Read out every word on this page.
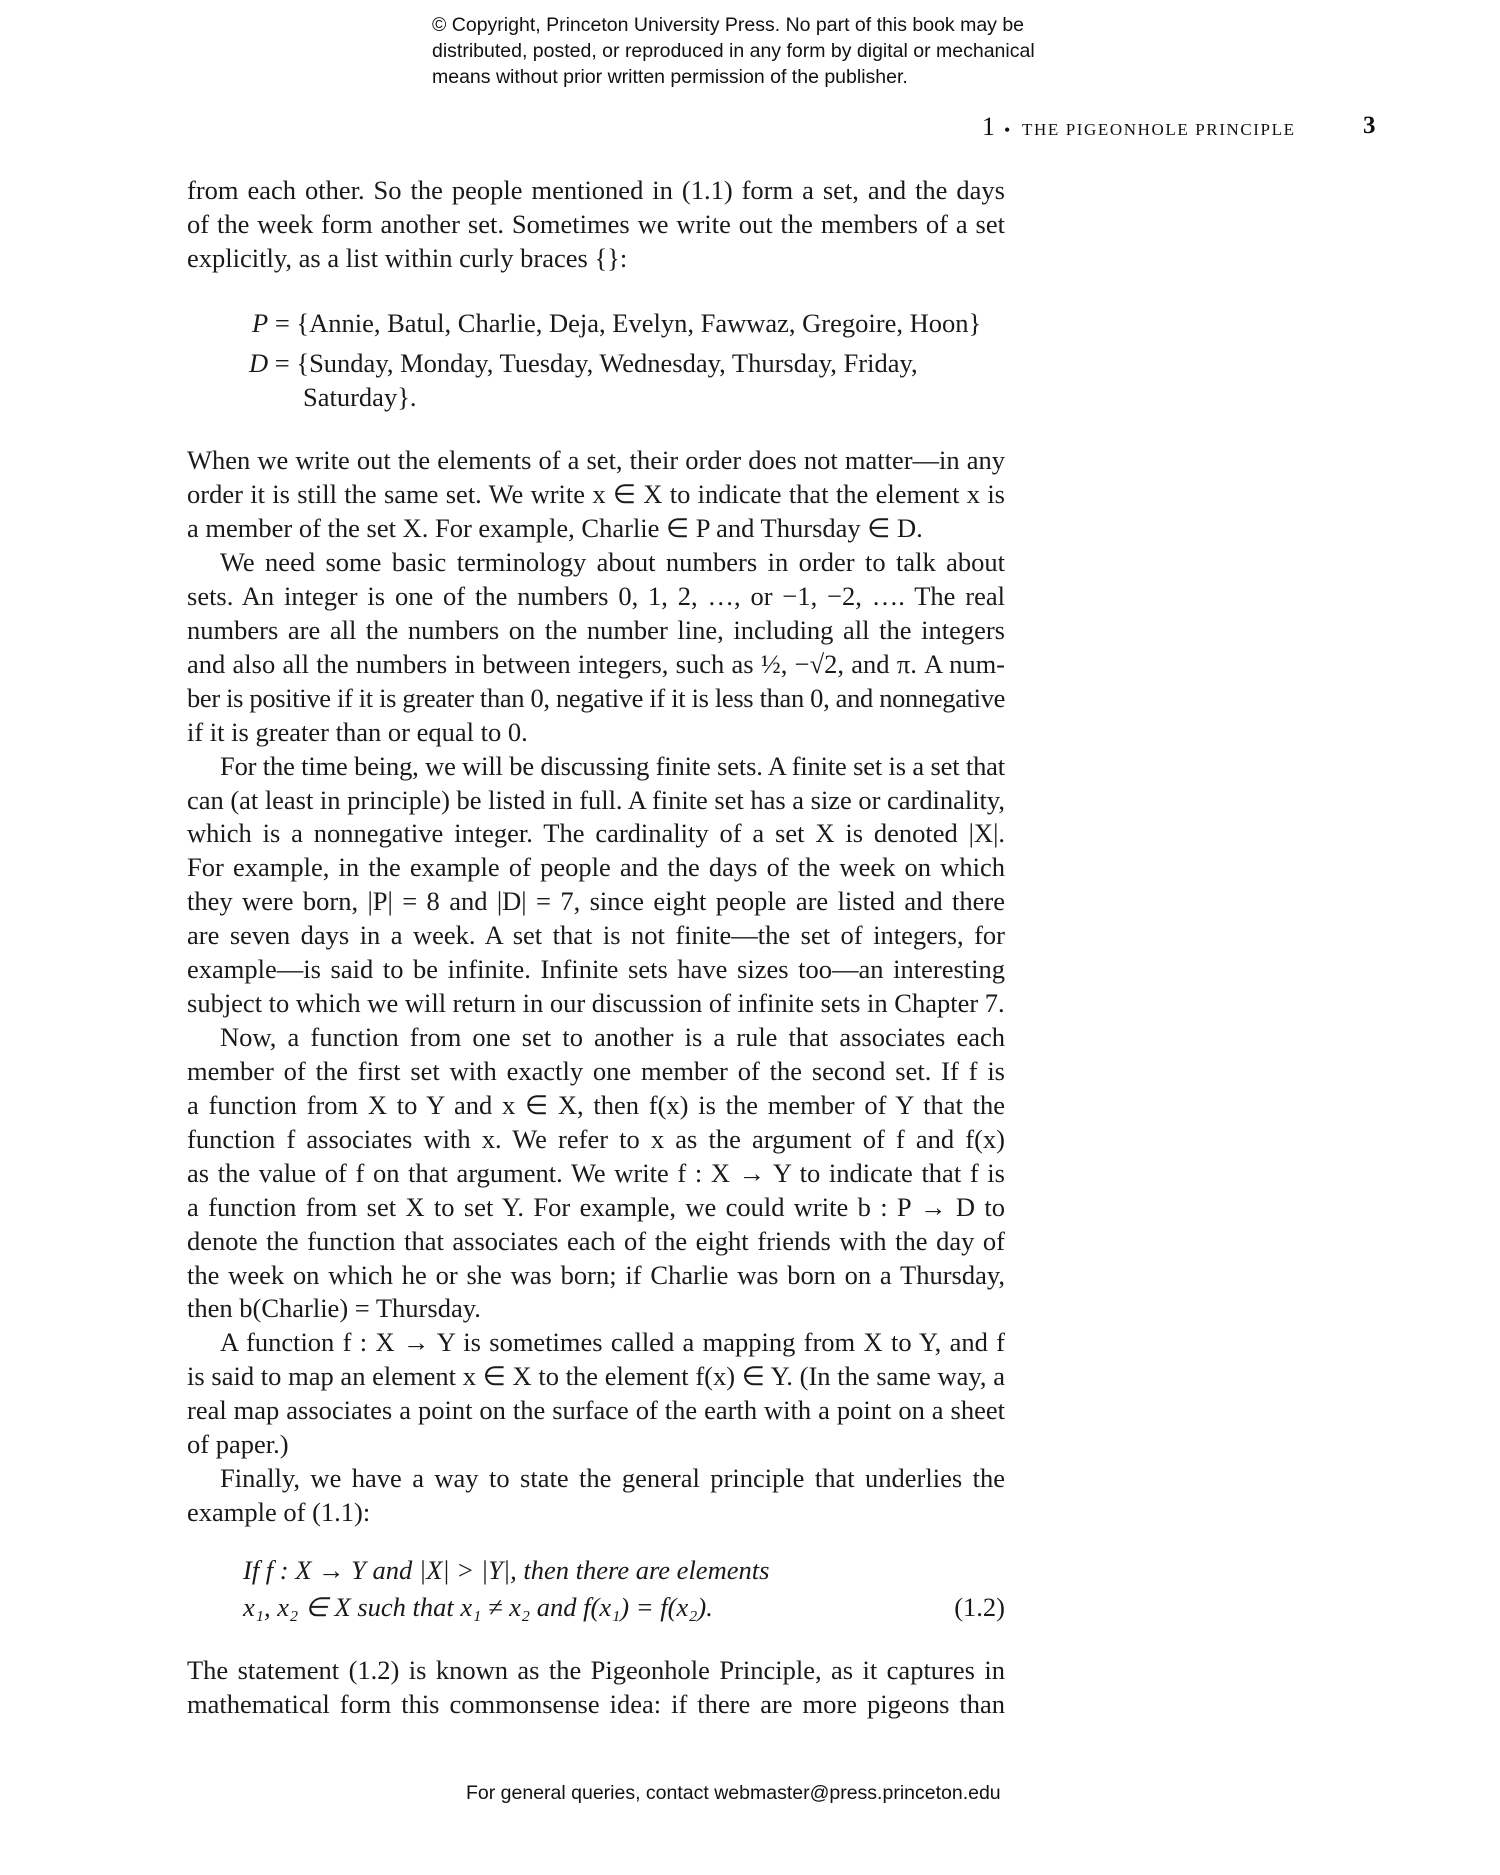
© Copyright, Princeton University Press. No part of this book may be
distributed, posted, or reproduced in any form by digital or mechanical
means without prior written permission of the publisher.
1 • THE PIGEONHOLE PRINCIPLE	3
from each other. So the people mentioned in (1.1) form a set, and the days
of the week form another set. Sometimes we write out the members of a set
explicitly, as a list within curly braces {}:
P = {Annie, Batul, Charlie, Deja, Evelyn, Fawwaz, Gregoire, Hoon}
D = {Sunday, Monday, Tuesday, Wednesday, Thursday, Friday,
Saturday}.
When we write out the elements of a set, their order does not matter—in any
order it is still the same set. We write x ∈ X to indicate that the element x is
a member of the set X. For example, Charlie ∈ P and Thursday ∈ D.
We need some basic terminology about numbers in order to talk about
sets. An integer is one of the numbers 0, 1, 2, …, or −1, −2, …. The real
numbers are all the numbers on the number line, including all the integers
and also all the numbers in between integers, such as ½, −√2, and π. A num-
ber is positive if it is greater than 0, negative if it is less than 0, and nonnegative
if it is greater than or equal to 0.
For the time being, we will be discussing finite sets. A finite set is a set that
can (at least in principle) be listed in full. A finite set has a size or cardinality,
which is a nonnegative integer. The cardinality of a set X is denoted |X|.
For example, in the example of people and the days of the week on which
they were born, |P| = 8 and |D| = 7, since eight people are listed and there
are seven days in a week. A set that is not finite—the set of integers, for
example—is said to be infinite. Infinite sets have sizes too—an interesting
subject to which we will return in our discussion of infinite sets in Chapter 7.
Now, a function from one set to another is a rule that associates each
member of the first set with exactly one member of the second set. If f is
a function from X to Y and x ∈ X, then f(x) is the member of Y that the
function f associates with x. We refer to x as the argument of f and f(x)
as the value of f on that argument. We write f : X → Y to indicate that f is
a function from set X to set Y. For example, we could write b : P → D to
denote the function that associates each of the eight friends with the day of
the week on which he or she was born; if Charlie was born on a Thursday,
then b(Charlie) = Thursday.
A function f : X → Y is sometimes called a mapping from X to Y, and f
is said to map an element x ∈ X to the element f(x) ∈ Y. (In the same way, a
real map associates a point on the surface of the earth with a point on a sheet
of paper.)
Finally, we have a way to state the general principle that underlies the
example of (1.1):
If f : X → Y and |X| > |Y|, then there are elements
x₁, x₂ ∈ X such that x₁ ≠ x₂ and f(x₁) = f(x₂).	(1.2)
The statement (1.2) is known as the Pigeonhole Principle, as it captures in
mathematical form this commonsense idea: if there are more pigeons than
For general queries, contact webmaster@press.princeton.edu
